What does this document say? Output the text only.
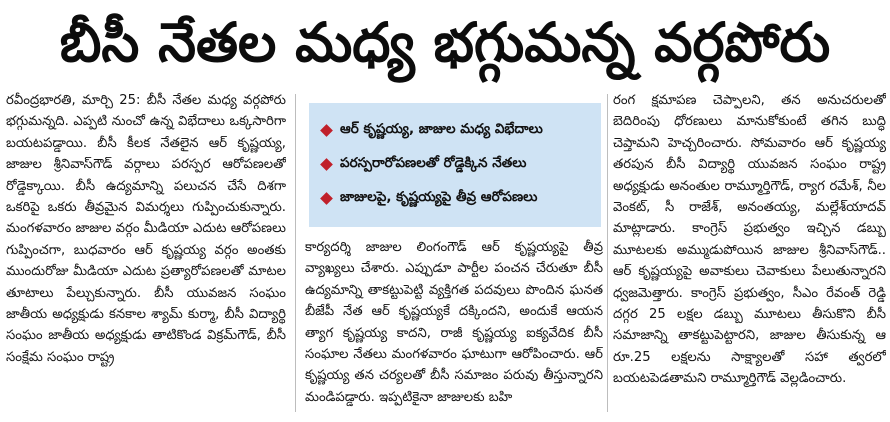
బీసీ నేతల మధ్య భగ్గుమన్న వర్గపోరు

రవీంద్రభారతి, మార్చి 25: బీసీ నేతల మధ్య వర్గపోరు భగ్గుమన్నది. ఎప్పటి నుంచో ఉన్న విభేదాలు ఒక్కసారిగా బయటపడ్డాయి. బీసీ కీలక నేతలైన ఆర్‌ కృష్ణయ్య, జాజుల శ్రీనివాస్‌గౌడ్‌ వర్గాలు పరస్పర ఆరోపణలతో రోడ్డెక్కాయి. బీసీ ఉద్యమాన్ని పలుచన చేసే దిశగా ఒకరిపై ఒకరు తీవ్రమైన విమర్శలు గుప్పించుకున్నారు. మంగళవారం జాజుల వర్గం మీడియా ఎదుట ఆరోపణలు గుప్పించగా, బుధవారం ఆర్‌ కృష్ణయ్య వర్గం అంతకు ముందురోజు మీడియా ఎదుట ప్రత్యారోపణలతో మాటల తూటాలు పేల్చుకున్నారు. బీసీ యువజన సంఘం జాతీయ అధ్యక్షుడు కనకాల శ్యామ్‌ కుర్మా, బీసీ విద్యార్థి సంఘం జాతీయ అధ్యక్షుడు తాటికొండ విక్రమ్‌గౌడ్‌, బీసీ సంక్షేమ సంఘం రాష్ట్ర

ఆర్‌ కృష్ణయ్య, జాజుల మధ్య విభేదాలు
పరస్పరారోపణలతో రోడ్డెక్కిన నేతలు
జాజులపై, కృష్ణయ్యపై తీవ్ర ఆరోపణలు

కార్యదర్శి జాజుల లింగంగౌడ్‌ ఆర్‌ కృష్ణయ్యపై తీవ్ర వ్యాఖ్యలు చేశారు. ఎప్పుడూ పార్టీల పంచన చేరుతూ బీసీ ఉద్యమాన్ని తాకట్టుపెట్టి వ్యక్తిగత పదవులు పొందిన ఘనత బీజేపీ నేత ఆర్‌ కృష్ణయ్యకే దక్కిందని, అందుకే ఆయన త్యాగ కృష్ణయ్య కాదని, రాజీ కృష్ణయ్య ఐక్యవేదిక బీసీ సంఘాల నేతలు మంగళవారం ఘాటుగా ఆరోపించారు. ఆర్‌ కృష్ణయ్య తన చర్యలతో బీసీ సమాజం పరువు తీస్తున్నారని మండిపడ్డారు. ఇప్పటికైనా జాజులకు బహి

రంగ క్షమాపణ చెప్పాలని, తన అనుచరులతో బెదిరింపు ధోరణులు మానుకోకుంటే తగిన బుద్ధి చెప్తామని హెచ్చరించారు. సోమవారం ఆర్‌ కృష్ణయ్య తరపున బీసీ విద్యార్థి యువజన సంఘం రాష్ట్ర అధ్యక్షుడు అనంతుల రామ్మూర్తిగౌడ్‌, ర్యాగ రమేశ్‌, నీల వెంకట్‌, సీ రాజేశ్‌, అనంతయ్య, మల్లేశ్‌యాదవ్‌ మాట్లాడారు. కాంగ్రెస్‌ ప్రభుత్వం ఇచ్చిన డబ్బు మూటలకు అమ్ముడుపోయిన జాజుల శ్రీనివాస్‌గౌడ్‌.. ఆర్‌ కృష్ణయ్యపై అవాకులు చెవాకులు పేలుతున్నారని ధ్వజమెత్తారు. కాంగ్రెస్‌ ప్రభుత్వం, సీఎం రేవంత్‌ రెడ్డి దగ్గర 25 లక్షల డబ్బు మూటలు తీసుకొని బీసీ సమాజాన్ని తాకట్టుపెట్టారని, జాజుల తీసుకున్న ఆ రూ.25 లక్షలను సాక్ష్యాలతో సహా త్వరలో బయటపెడతామని రామ్మూర్తిగౌడ్‌ వెల్లడించారు.
